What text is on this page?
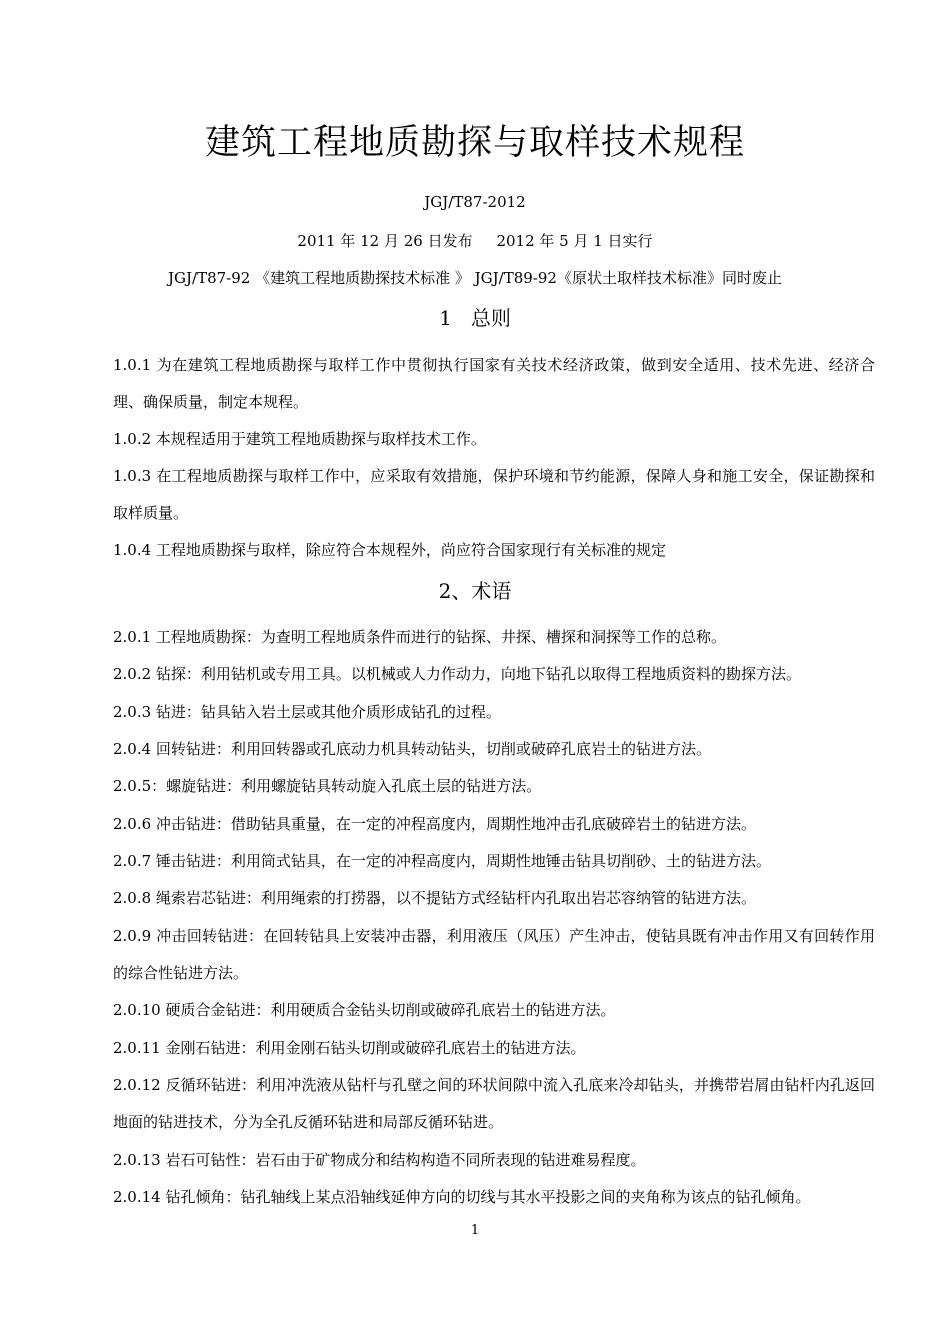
建筑工程地质勘探与取样技术规程
JGJ/T87-2012
2011 年 12 月 26 日发布     2012 年 5 月 1 日实行
JGJ/T87-92 《建筑工程地质勘探技术标准 》 JGJ/T89-92《原状土取样技术标准》同时废止
1   总则
1.0.1 为在建筑工程地质勘探与取样工作中贯彻执行国家有关技术经济政策，做到安全适用、技术先进、经济合理、确保质量，制定本规程。
1.0.2 本规程适用于建筑工程地质勘探与取样技术工作。
1.0.3 在工程地质勘探与取样工作中，应采取有效措施，保护环境和节约能源，保障人身和施工安全，保证勘探和取样质量。
1.0.4 工程地质勘探与取样，除应符合本规程外，尚应符合国家现行有关标准的规定
2、术语
2.0.1 工程地质勘探：为查明工程地质条件而进行的钻探、井探、槽探和洞探等工作的总称。
2.0.2 钻探：利用钻机或专用工具。以机械或人力作动力，向地下钻孔以取得工程地质资料的勘探方法。
2.0.3 钻进：钻具钻入岩土层或其他介质形成钻孔的过程。
2.0.4 回转钻进：利用回转器或孔底动力机具转动钻头，切削或破碎孔底岩土的钻进方法。
2.0.5：螺旋钻进：利用螺旋钻具转动旋入孔底土层的钻进方法。
2.0.6 冲击钻进：借助钻具重量，在一定的冲程高度内，周期性地冲击孔底破碎岩土的钻进方法。
2.0.7 锤击钻进：利用筒式钻具，在一定的冲程高度内，周期性地锤击钻具切削砂、土的钻进方法。
2.0.8 绳索岩芯钻进：利用绳索的打捞器，以不提钻方式经钻杆内孔取出岩芯容纳管的钻进方法。
2.0.9 冲击回转钻进：在回转钻具上安装冲击器，利用液压（风压）产生冲击，使钻具既有冲击作用又有回转作用的综合性钻进方法。
2.0.10 硬质合金钻进：利用硬质合金钻头切削或破碎孔底岩土的钻进方法。
2.0.11 金刚石钻进：利用金刚石钻头切削或破碎孔底岩土的钻进方法。
2.0.12 反循环钻进：利用冲洗液从钻杆与孔壁之间的环状间隙中流入孔底来冷却钻头，并携带岩屑由钻杆内孔返回地面的钻进技术，分为全孔反循环钻进和局部反循环钻进。
2.0.13 岩石可钻性：岩石由于矿物成分和结构构造不同所表现的钻进难易程度。
2.0.14 钻孔倾角：钻孔轴线上某点沿轴线延伸方向的切线与其水平投影之间的夹角称为该点的钻孔倾角。
1
